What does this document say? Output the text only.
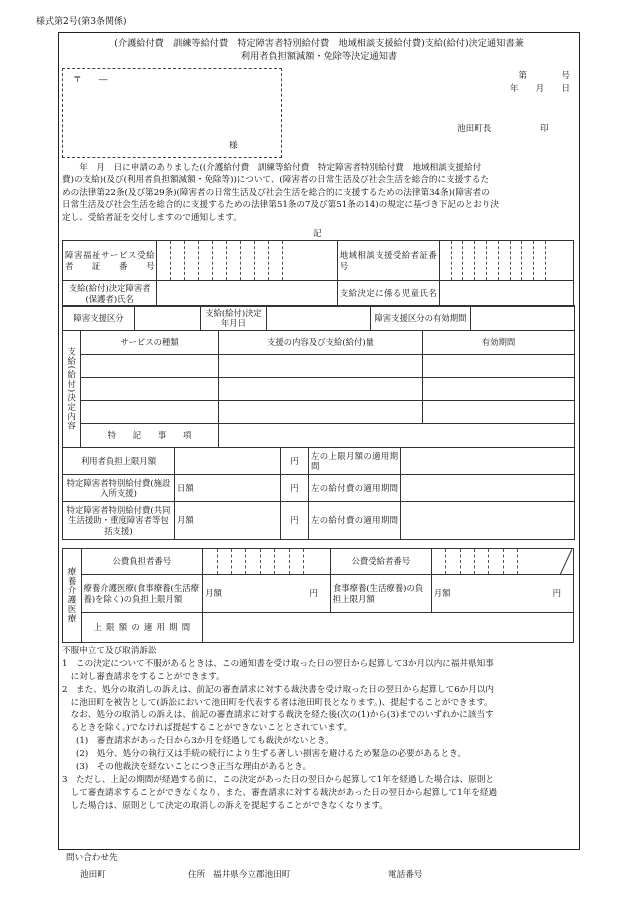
様式第2号(第3条関係)
(介護給付費　訓練等給付費　特定障害者特別給付費　地域相談支援給付費)支給(給付)決定通知書兼
利用者負担額減額・免除等決定通知書
〒　　―
様
第　　　　号
年　　月　　日
池田町長	印
　　年　月　日に申請のありました((介護給付費　訓練等給付費　特定障害者特別給付費　地域相談支援給付
費)の支給)(及び(利用者負担額減額・免除等))について、(障害者の日常生活及び社会生活を総合的に支援するた
めの法律第22条(及び第29条)(障害者の日常生活及び社会生活を総合的に支援するための法律第34条)(障害者の
日常生活及び社会生活を総合的に支援するための法律第51条の7及び第51条の14)の規定に基づき下記のとおり決
定し、受給者証を交付しますので通知します。
記
障害福祉サービス受給者証番号											地域相談支援受給者証番号										
支給(給付)決定障害者(保護者)氏名											支給決定に係る児童氏名										
障害支援区分		支給(給付)決定年月日		障害支援区分の有効期間	
支給(給付)決定内容	サービスの種類	支援の内容及び支給(給付)量	有効期間

	特　　記　　事　　項		
利用者負担上限月額		円	左の上限月額の適用期間	
特定障害者特別給付費(施設入所支援)	日額	円	左の給付費の適用期間	
特定障害者特別給付費(共同生活援助・重度障害者等包括支援)	月額	円	左の給付費の適用期間	
療養介護医療	公費負担者番号									公費受給者番号							

	療養介護医療(食事療養(生活療養)を除く)の負担上限月額	月額 円								食事療養(生活療養)の負担上限月額	月額 円						

	上限額の適用期間																
不服申立て及び取消訴訟
1　この決定について不服があるときは、この通知書を受け取った日の翌日から起算して3か月以内に福井県知事
　に対し審査請求をすることができます。
2　また、処分の取消しの訴えは、前記の審査請求に対する裁決書を受け取った日の翌日から起算して6か月以内
　に池田町を被告として(訴訟において池田町を代表する者は池田町長となります。)、提起することができます。
　なお、処分の取消しの訴えは、前記の審査請求に対する裁決を経た後(次の(1)から(3)までのいずれかに該当す
　るときを除く。)でなければ提起することができないこととされています。
(1)　審査請求があった日から3か月を経過しても裁決がないとき。
(2)　処分、処分の執行又は手続の続行により生ずる著しい損害を避けるため緊急の必要があるとき。
(3)　その他裁決を経ないことにつき正当な理由があるとき。
3　ただし、上記の期間が経過する前に、この決定があった日の翌日から起算して1年を経過した場合は、原則と
　して審査請求することができなくなり、また、審査請求に対する裁決があった日の翌日から起算して1年を経過
　した場合は、原則として決定の取消しの訴えを提起することができなくなります。
問い合わせ先
池田町	住所 福井県今立郡池田町	電話番号
